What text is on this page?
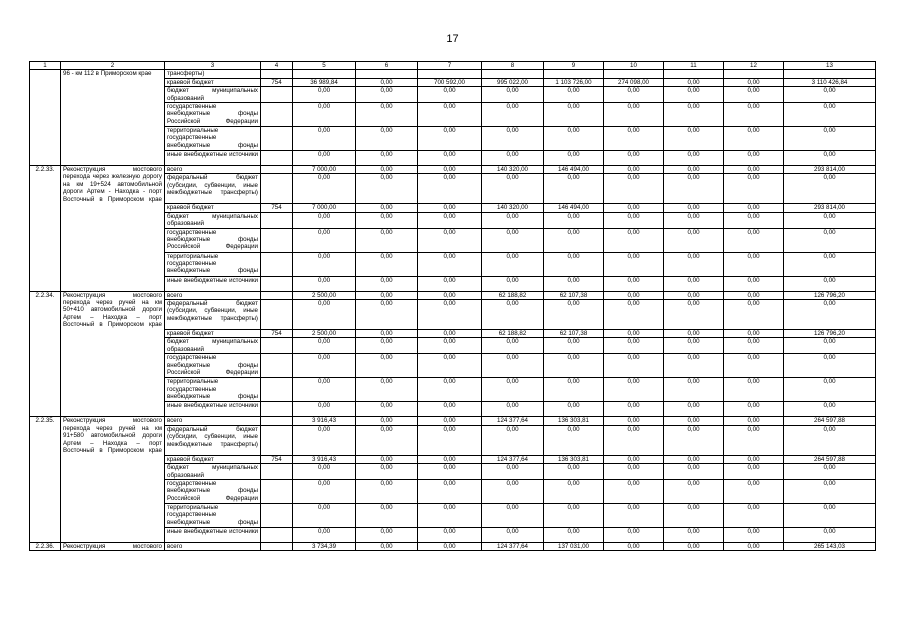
17
1	2	3	4	5	6	7	8	9	10	11	12	13
	96 - км 112 в Приморском крае	трансферты)										
		краевой бюджет	754	36 989,84	0,00	700 592,00	995 022,00	1 103 726,00	274 098,00	0,00	0,00	3 110 426,84
		бюджет муниципальных образований		0,00	0,00	0,00	0,00	0,00	0,00	0,00	0,00	0,00
		государственные внебюджетные фонды Российской Федерации		0,00	0,00	0,00	0,00	0,00	0,00	0,00	0,00	0,00
		территориальные государственные внебюджетные фонды		0,00	0,00	0,00	0,00	0,00	0,00	0,00	0,00	0,00
		иные внебюджетные источники		0,00	0,00	0,00	0,00	0,00	0,00	0,00	0,00	0,00
2.2.33.	Реконструкция мостового перехода через железную дорогу на км 19+524 автомобильной дороги Артем - Находка - порт Восточный в Приморском крае	всего		7 000,00	0,00	0,00	140 320,00	146 494,00	0,00	0,00	0,00	293 814,00
		федеральный бюджет (субсидии, субвенции, иные межбюджетные трансферты)		0,00	0,00	0,00	0,00	0,00	0,00	0,00	0,00	0,00
		краевой бюджет	754	7 000,00	0,00	0,00	140 320,00	146 494,00	0,00	0,00	0,00	293 814,00
		бюджет муниципальных образований		0,00	0,00	0,00	0,00	0,00	0,00	0,00	0,00	0,00
		государственные внебюджетные фонды Российской Федерации		0,00	0,00	0,00	0,00	0,00	0,00	0,00	0,00	0,00
		территориальные государственные внебюджетные фонды		0,00	0,00	0,00	0,00	0,00	0,00	0,00	0,00	0,00
		иные внебюджетные источники		0,00	0,00	0,00	0,00	0,00	0,00	0,00	0,00	0,00
2.2.34.	Реконструкция мостового перехода через ручей на км 50+410 автомобильной дороги Артем – Находка – порт Восточный в Приморском крае	всего		2 500,00	0,00	0,00	62 188,82	62 107,38	0,00	0,00	0,00	126 796,20
		федеральный бюджет (субсидии, субвенции, иные межбюджетные трансферты)		0,00	0,00	0,00	0,00	0,00	0,00	0,00	0,00	0,00
		краевой бюджет	754	2 500,00	0,00	0,00	62 188,82	62 107,38	0,00	0,00	0,00	126 796,20
		бюджет муниципальных образований		0,00	0,00	0,00	0,00	0,00	0,00	0,00	0,00	0,00
		государственные внебюджетные фонды Российской Федерации		0,00	0,00	0,00	0,00	0,00	0,00	0,00	0,00	0,00
		территориальные государственные внебюджетные фонды		0,00	0,00	0,00	0,00	0,00	0,00	0,00	0,00	0,00
		иные внебюджетные источники		0,00	0,00	0,00	0,00	0,00	0,00	0,00	0,00	0,00
2.2.35.	Реконструкция мостового перехода через ручей на км 91+580 автомобильной дороги Артем – Находка – порт Восточный в Приморском крае	всего		3 916,43	0,00	0,00	124 377,64	136 303,81	0,00	0,00	0,00	264 597,88
		федеральный бюджет (субсидии, субвенции, иные межбюджетные трансферты)		0,00	0,00	0,00	0,00	0,00	0,00	0,00	0,00	0,00
		краевой бюджет	754	3 916,43	0,00	0,00	124 377,64	136 303,81	0,00	0,00	0,00	264 597,88
		бюджет муниципальных образований		0,00	0,00	0,00	0,00	0,00	0,00	0,00	0,00	0,00
		государственные внебюджетные фонды Российской Федерации		0,00	0,00	0,00	0,00	0,00	0,00	0,00	0,00	0,00
		территориальные государственные внебюджетные фонды		0,00	0,00	0,00	0,00	0,00	0,00	0,00	0,00	0,00
		иные внебюджетные источники		0,00	0,00	0,00	0,00	0,00	0,00	0,00	0,00	0,00
2.2.36.	Реконструкция мостового	всего		3 734,39	0,00	0,00	124 377,64	137 031,00	0,00	0,00	0,00	265 143,03
